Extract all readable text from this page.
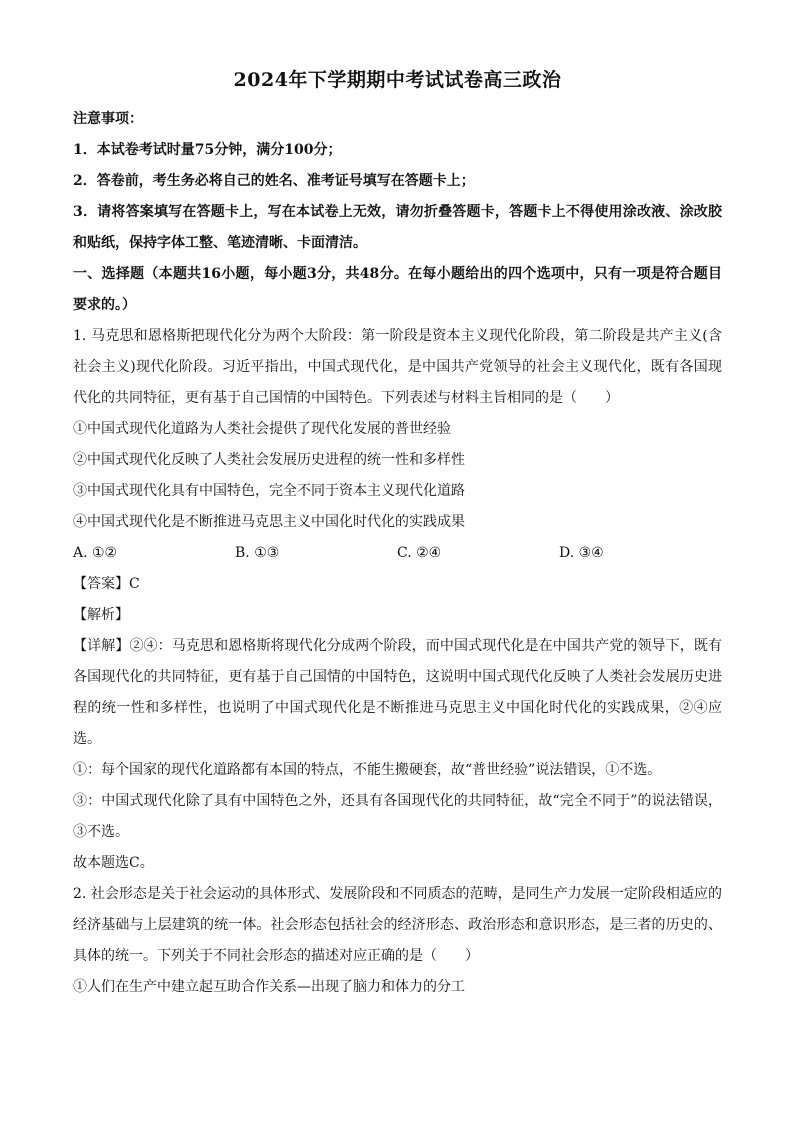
2024年下学期期中考试试卷高三政治
注意事项：
1．本试卷考试时量75分钟，满分100分；
2．答卷前，考生务必将自己的姓名、准考证号填写在答题卡上；
3．请将答案填写在答题卡上，写在本试卷上无效，请勿折叠答题卡，答题卡上不得使用涂改液、涂改胶和贴纸，保持字体工整、笔迹清晰、卡面清洁。
一、选择题（本题共16小题，每小题3分，共48分。在每小题给出的四个选项中，只有一项是符合题目要求的。）
1. 马克思和恩格斯把现代化分为两个大阶段：第一阶段是资本主义现代化阶段，第二阶段是共产主义(含社会主义)现代化阶段。习近平指出，中国式现代化，是中国共产党领导的社会主义现代化，既有各国现代化的共同特征，更有基于自己国情的中国特色。下列表述与材料主旨相同的是（　　）
①中国式现代化道路为人类社会提供了现代化发展的普世经验
②中国式现代化反映了人类社会发展历史进程的统一性和多样性
③中国式现代化具有中国特色，完全不同于资本主义现代化道路
④中国式现代化是不断推进马克思主义中国化时代化的实践成果
A. ①②	B. ①③	C. ②④	D. ③④
【答案】C
【解析】
【详解】②④：马克思和恩格斯将现代化分成两个阶段，而中国式现代化是在中国共产党的领导下，既有各国现代化的共同特征，更有基于自己国情的中国特色，这说明中国式现代化反映了人类社会发展历史进程的统一性和多样性，也说明了中国式现代化是不断推进马克思主义中国化时代化的实践成果，②④应选。
①：每个国家的现代化道路都有本国的特点，不能生搬硬套，故“普世经验”说法错误，①不选。
③：中国式现代化除了具有中国特色之外，还具有各国现代化的共同特征，故“完全不同于”的说法错误，③不选。
故本题选C。
2. 社会形态是关于社会运动的具体形式、发展阶段和不同质态的范畴，是同生产力发展一定阶段相适应的经济基础与上层建筑的统一体。社会形态包括社会的经济形态、政治形态和意识形态，是三者的历史的、具体的统一。下列关于不同社会形态的描述对应正确的是（　　）
①人们在生产中建立起互助合作关系—出现了脑力和体力的分工
